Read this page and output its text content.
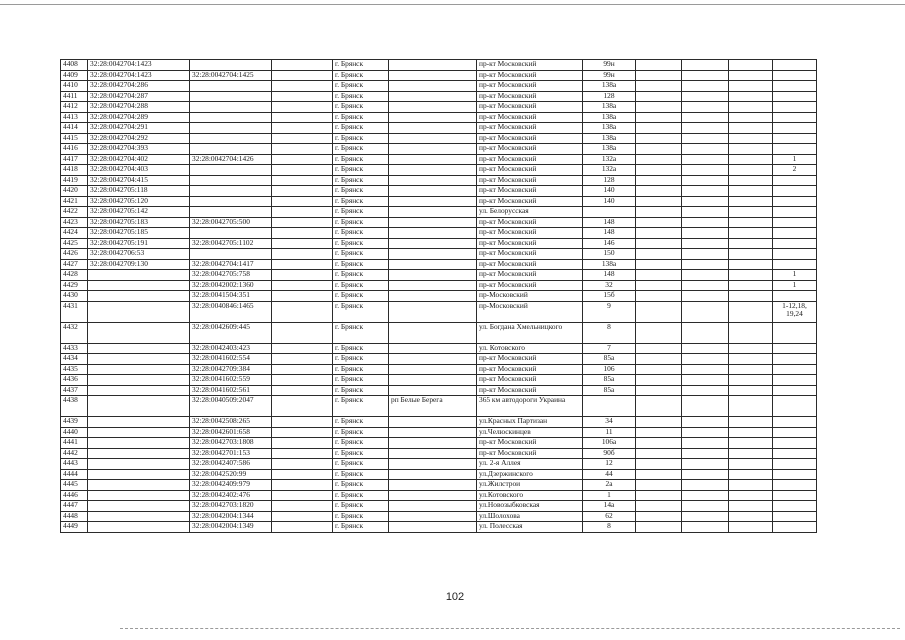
4408	32:28:0042704:1423			г. Брянск		пр-кт Московский	99н				
4409	32:28:0042704:1423	32:28:0042704:1425		г. Брянск		пр-кт Московский	99н				
4410	32:28:0042704:286			г. Брянск		пр-кт Московский	138а				
4411	32:28:0042704:287			г. Брянск		пр-кт Московский	128				
4412	32:28:0042704:288			г. Брянск		пр-кт Московский	138а				
4413	32:28:0042704:289			г. Брянск		пр-кт Московский	138а				
4414	32:28:0042704:291			г. Брянск		пр-кт Московский	138а				
4415	32:28:0042704:292			г. Брянск		пр-кт Московский	138а				
4416	32:28:0042704:393			г. Брянск		пр-кт Московский	138а				
4417	32:28:0042704:402	32:28:0042704:1426		г. Брянск		пр-кт Московский	132а				1
4418	32:28:0042704:403			г. Брянск		пр-кт Московский	132а				2
4419	32:28:0042704:415			г. Брянск		пр-кт Московский	128				
4420	32:28:0042705:118			г. Брянск		пр-кт Московский	140				
4421	32:28:0042705:120			г. Брянск		пр-кт Московский	140				
4422	32:28:0042705:142			г. Брянск		ул. Белорусская					
4423	32:28:0042705:183	32:28:0042705:500		г. Брянск		пр-кт Московский	148				
4424	32:28:0042705:185			г. Брянск		пр-кт Московский	148				
4425	32:28:0042705:191	32:28:0042705:1102		г. Брянск		пр-кт Московский	146				
4426	32:28:0042706:53			г. Брянск		пр-кт Московский	150				
4427	32:28:0042709:130	32:28:0042704:1417		г. Брянск		пр-кт Московский	138а				
4428		32:28:0042705:758		г. Брянск		пр-кт Московский	148				1
4429		32:28:0042002:1360		г. Брянск		пр-кт Московский	32				1
4430		32:28:0041504:351		г. Брянск		пр-Московский	15б				
4431		32:28:0040846:1465		г. Брянск		пр-Московский	9				1-12,18,
19,24
4432		32:28:0042609:445		г. Брянск		ул. Богдана Хмельницкого	8				
4433		32:28:0042403:423		г. Брянск		ул. Котовского	7				
4434		32:28:0041602:554		г. Брянск		пр-кт Московский	85а				
4435		32:28:0042709:384		г. Брянск		пр-кт Московский	106				
4436		32:28:0041602:559		г. Брянск		пр-кт Московский	85а				
4437		32:28:0041602:561		г. Брянск		пр-кт Московский	85а				
4438		32:28:0040509:2047		г. Брянск	рп Белые Берега	365 км автодороги Украина					
4439		32:28:0042508:265		г. Брянск		ул.Красных Партизан	34				
4440		32:28:0042601:658		г. Брянск		ул.Челюскинцев	11				
4441		32:28:0042703:1808		г. Брянск		пр-кт Московский	106а				
4442		32:28:0042701:153		г. Брянск		пр-кт Московский	90б				
4443		32:28:0042407:586		г. Брянск		ул. 2-я Аллея	12				
4444		32:28:0042520:99		г. Брянск		ул.Дзержинского	44				
4445		32:28:0042409:979		г. Брянск		ул.Жилстрои	2а				
4446		32:28:0042402:476		г. Брянск		ул.Котовского	1				
4447		32:28:0042703:1820		г. Брянск		ул.Новозыбковская	14а				
4448		32:28:0042004:1344		г. Брянск		ул.Шолохова	62				
4449		32:28:0042004:1349		г. Брянск		ул. Полесская	8				
102
